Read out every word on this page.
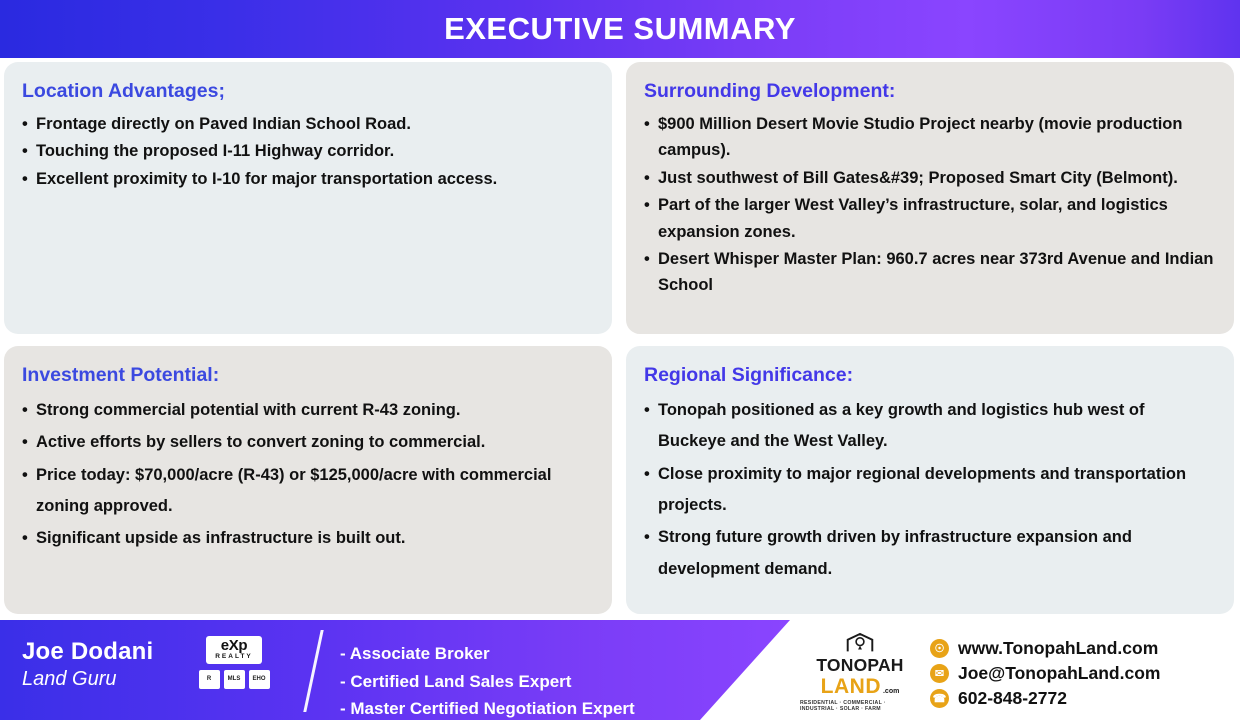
EXECUTIVE SUMMARY
Location Advantages;
• Frontage directly on Paved Indian School Road.
• Touching the proposed I-11 Highway corridor.
• Excellent proximity to I-10 for major transportation access.
Surrounding Development:
• $900 Million Desert Movie Studio Project nearby (movie production campus).
• Just southwest of Bill Gates&#39; Proposed Smart City (Belmont).
• Part of the larger West Valley’s infrastructure, solar, and logistics expansion zones.
• Desert Whisper Master Plan: 960.7 acres near 373rd Avenue and Indian School
Investment Potential:
• Strong commercial potential with current R-43 zoning.
• Active efforts by sellers to convert zoning to commercial.
• Price today: $70,000/acre (R-43) or $125,000/acre with commercial zoning approved.
• Significant upside as infrastructure is built out.
Regional Significance:
• Tonopah positioned as a key growth and logistics hub west of Buckeye and the West Valley.
• Close proximity to major regional developments and transportation projects.
• Strong future growth driven by infrastructure expansion and development demand.
Joe Dodani
Land Guru
eXp
REALTY
R	MLS	EHO
- Associate Broker
- Certified Land Sales Expert
- Master Certified Negotiation Expert
TONOPAH
LAND .com
RESIDENTIAL · COMMERCIAL · INDUSTRIAL · SOLAR · FARM
☉ www.TonopahLand.com
✉ Joe@TonopahLand.com
☎ 602-848-2772
